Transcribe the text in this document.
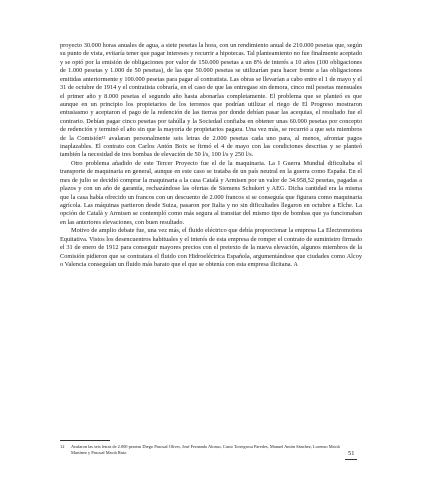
proyecto 30.000 horas anuales de agua, a siete pesetas la hora, con un rendimiento anual de 210.000 pesetas que, según su punto de vista, evitaría tener que pagar intereses y recurrir a hipotecas. Tal planteamiento no fue finalmente aceptado y se optó por la emisión de obligaciones por valor de 150.000 pesetas a un 8% de interés a 10 años (100 obligaciones de 1.000 pesetas y 1.000 de 50 pesetas), de las que 50.000 pesetas se utilizarían para hacer frente a las obligaciones emitidas anteriormente y 100.000 pesetas para pagar al contratista. Las obras se llevarían a cabo entre el 1 de mayo y el 31 de octubre de 1914 y el contratista cobraría, en el caso de que las entregase sin demora, cinco mil pesetas mensuales el primer año y 8.000 pesetas el segundo año hasta abonarlas completamente. El problema que se planteó es que aunque en un principio los propietarios de los terrenos que podrían utilizar el riego de El Progreso mostraron entusiasmo y aceptaron el pago de la redención de las tierras por donde debían pasar las acequias, el resultado fue el contrario. Debían pagar cinco pesetas por tahúlla y la Sociedad confiaba en obtener unas 60.000 pesetas por concepto de redención y terminó el año sin que la mayoría de propietarios pagara. Una vez más, se recurrió a que seis miembros de la Comisión¹² avalaran personalmente seis letras de 2.000 pesetas cada uno para, al menos, afrontar pagos inaplazables. El contrato con Carlos Antón Boix se firmó el 4 de mayo con las condiciones descritas y se planteó también la necesidad de tres bombas de elevación de 50 l/s, 100 l/s y 250 l/s.

Otro problema añadido de este Tercer Proyecto fue el de la maquinaria. La I Guerra Mundial dificultaba el transporte de maquinaria en general, aunque en este caso se trataba de un país neutral en la guerra como España. En el mes de julio se decidió comprar la maquinaria a la casa Català y Armisen por un valor de 34.958,52 pesetas, pagadas a plazos y con un año de garantía, rechazándose las ofertas de Siemens Schukert y AEG. Dicha cantidad era la misma que la casa había ofrecido un francos con un descuento de 2.000 francos si se conseguía que figurara como maquinaria agrícola. Las máquinas partieron desde Suiza, pasaron por Italia y no sin dificultades llegaron en octubre a Elche. La opción de Català y Armisen se contempló como más segura al transitar del mismo tipo de bombas que ya funcionaban en las anteriores elevaciones, con buen resultado.

Motivo de amplio debate fue, una vez más, el fluido eléctrico que debía proporcionar la empresa La Electromotora Equitativa. Vistos los desencuentros habituales y el interés de esta empresa de romper el contrato de suministro firmado el 31 de enero de 1912 para conseguir mayores precios con el pretexto de la nueva elevación, algunos miembros de la Comisión pidieron que se contratara el fluido con Hidroeléctrica Española, argumentándose que ciudades como Alcoy o Valencia conseguían un fluido más barato que el que se obtenía con esta empresa ilicitana. A

12	Avalaron las seis letras de 2.000 pesetas Diego Pascual Oliver, José Fernando Alonso, Casto Torregrosa Paredes, Manuel Antón Sánchez, Lorenzo Macià Martínez y Pascual Macià Ruiz.	51
